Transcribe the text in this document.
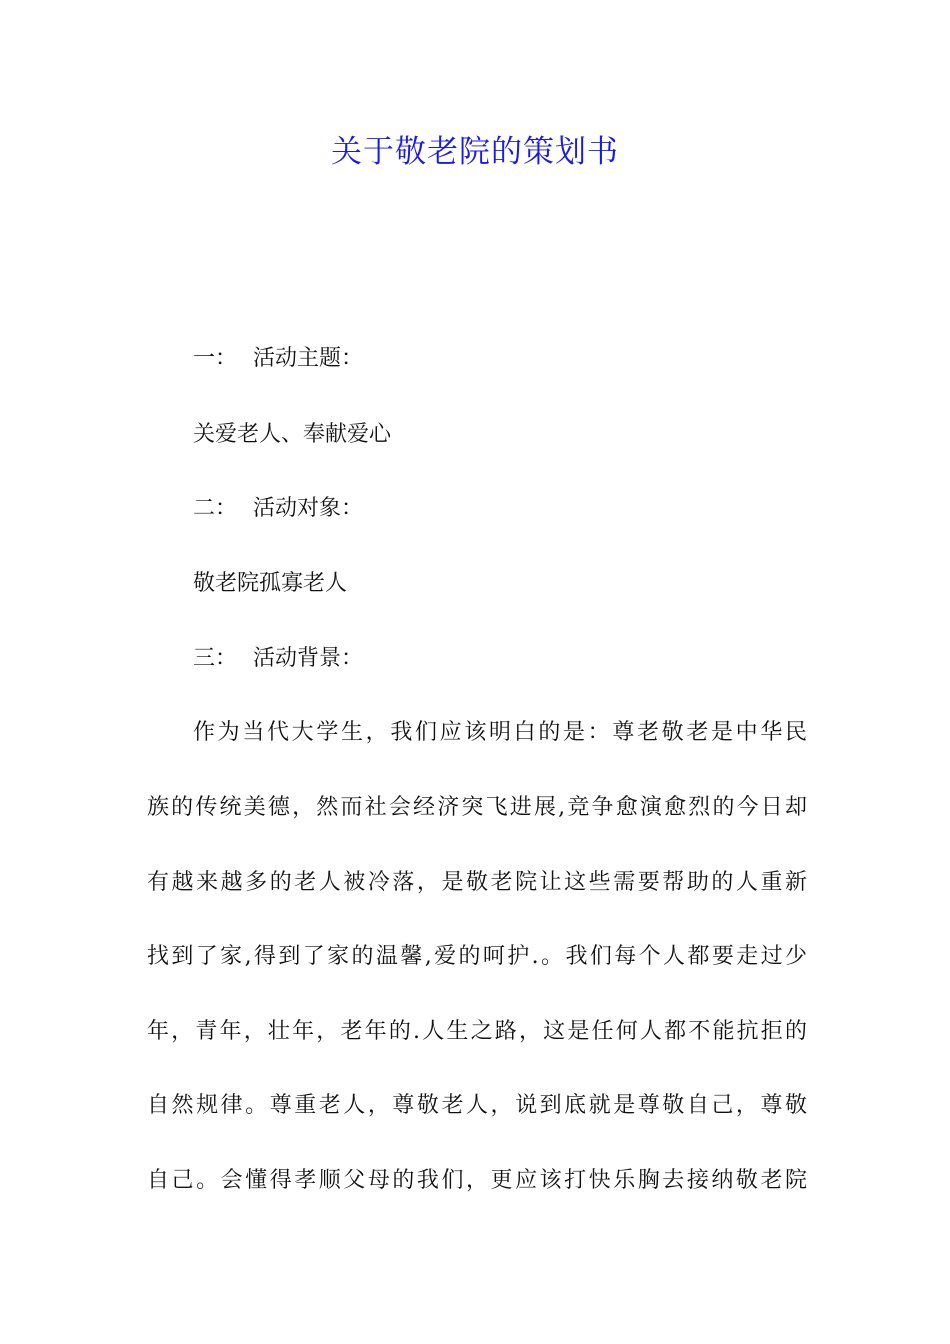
关于敬老院的策划书
一： 活动主题：
关爱老人、奉献爱心
二： 活动对象：
敬老院孤寡老人
三： 活动背景：
作为当代大学生，我们应该明白的是：尊老敬老是中华民
族的传统美德，然而社会经济突飞进展,竞争愈演愈烈的今日却
有越来越多的老人被冷落，是敬老院让这些需要帮助的人重新
找到了家,得到了家的温馨,爱的呵护.。我们每个人都要走过少
年，青年，壮年，老年的.人生之路，这是任何人都不能抗拒的
自然规律。尊重老人，尊敬老人，说到底就是尊敬自己，尊敬
自己。会懂得孝顺父母的我们，更应该打快乐胸去接纳敬老院
